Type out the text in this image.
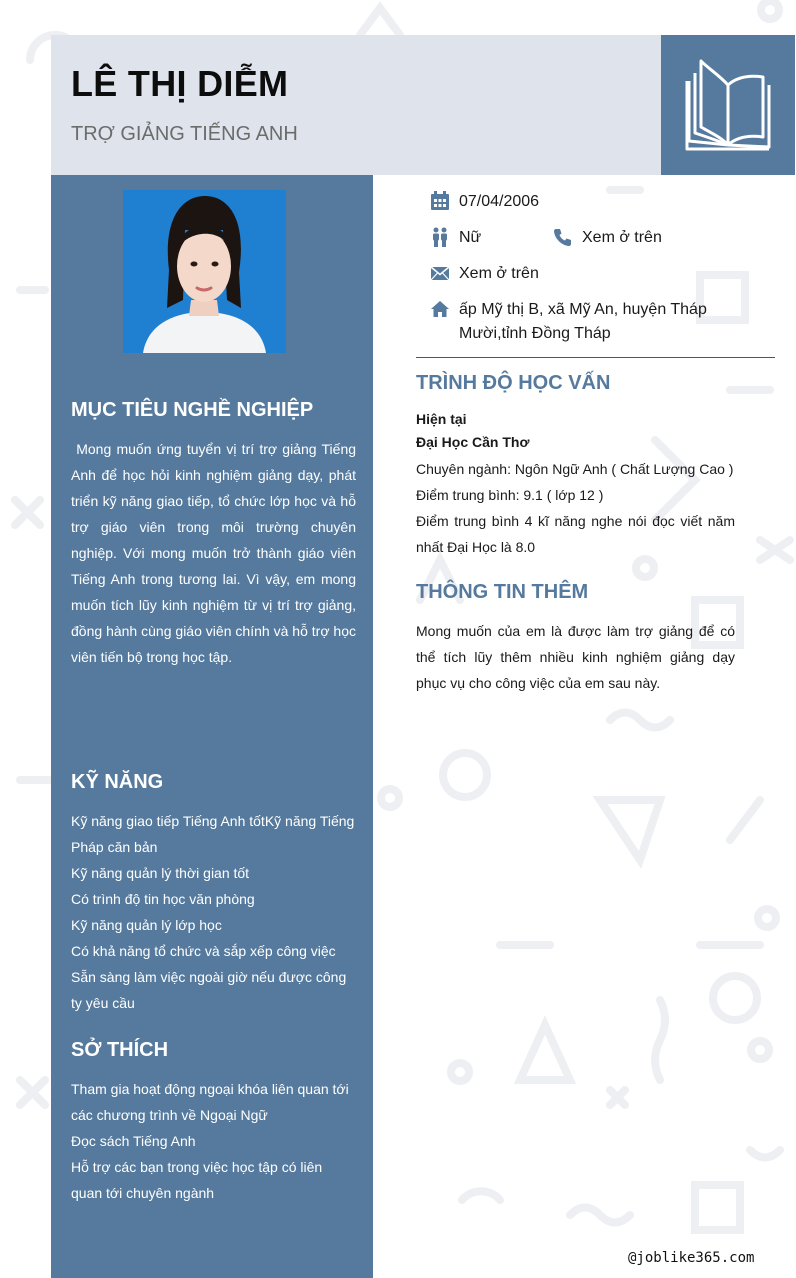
LÊ THỊ DIỄM
TRỢ GIẢNG TIẾNG ANH
MỤC TIÊU NGHỀ NGHIỆP

Mong muốn ứng tuyển vị trí trợ giảng Tiếng Anh để học hỏi kinh nghiệm giảng dạy, phát triển kỹ năng giao tiếp, tổ chức lớp học và hỗ trợ giáo viên trong môi trường chuyên nghiệp. Với mong muốn trở thành giáo viên Tiếng Anh trong tương lai. Vì vậy, em mong muốn tích lũy kinh nghiệm từ vị trí trợ giảng, đồng hành cùng giáo viên chính và hỗ trợ học viên tiến bộ trong học tập.

KỸ NĂNG
Kỹ năng giao tiếp Tiếng Anh tốtKỹ năng Tiếng Pháp căn bản
Kỹ năng quản lý thời gian tốt
Có trình độ tin học văn phòng
Kỹ năng quản lý lớp học
Có khả năng tổ chức và sắp xếp công việc
Sẵn sàng làm việc ngoài giờ nếu được công ty yêu cầu
SỞ THÍCH
Tham gia hoạt động ngoại khóa liên quan tới các chương trình về Ngoại Ngữ
Đọc sách Tiếng Anh
Hỗ trợ các bạn trong việc học tập có liên quan tới chuyên ngành
07/04/2006
Nữ	Xem ở trên
Xem ở trên
ấp Mỹ thị B, xã Mỹ An, huyện Tháp Mười,tỉnh Đồng Tháp
TRÌNH ĐỘ HỌC VẤN
Hiện tại
Đại Học Cần Thơ
Chuyên ngành: Ngôn Ngữ Anh ( Chất Lượng Cao )
Điểm trung bình: 9.1 ( lớp 12 )
Điểm trung bình 4 kĩ năng nghe nói đọc viết năm nhất Đại Học là 8.0
THÔNG TIN THÊM
Mong muốn của em là được làm trợ giảng để có thể tích lũy thêm nhiều kinh nghiệm giảng dạy phục vụ cho công việc của em sau này.
@joblike365.com
